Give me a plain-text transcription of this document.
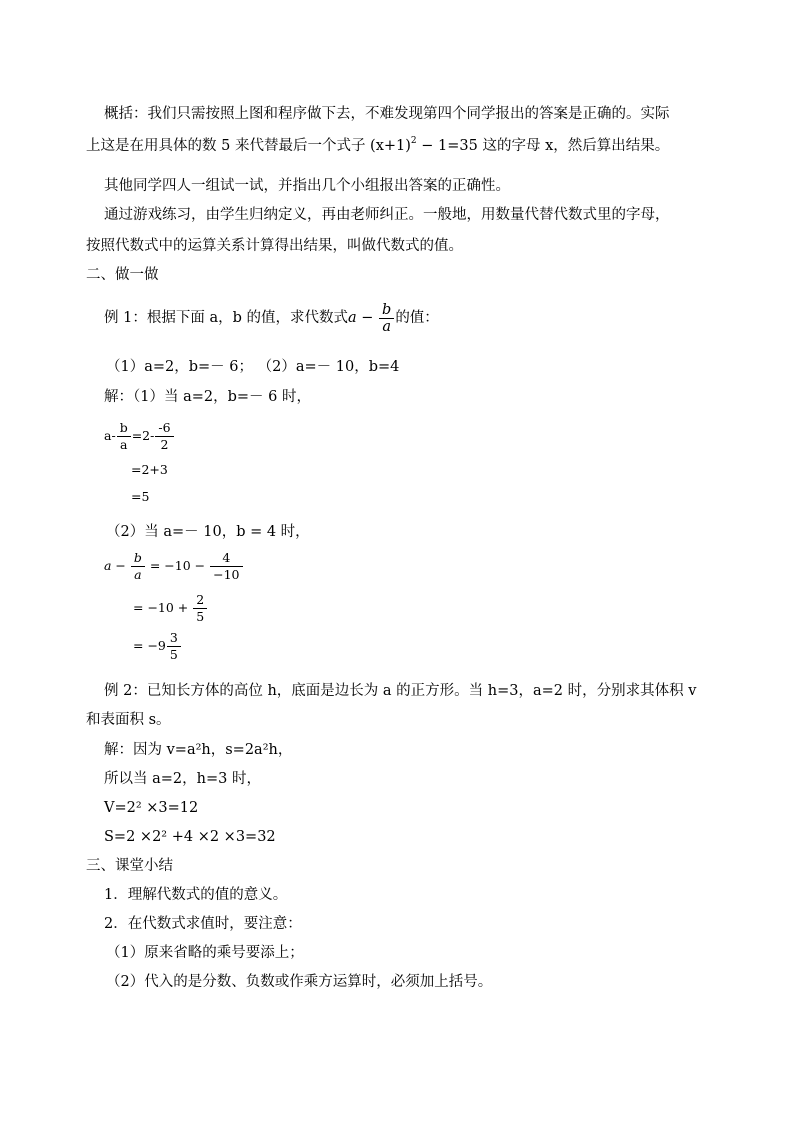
概括：我们只需按照上图和程序做下去，不难发现第四个同学报出的答案是正确的。实际
上这是在用具体的数 5 来代替最后一个式子 $(x+1)^2 - 1=35$ 这的字母 x，然后算出结果。
其他同学四人一组试一试，并指出几个小组报出答案的正确性。
通过游戏练习，由学生归纳定义，再由老师纠正。一般地，用数量代替代数式里的字母，
按照代数式中的运算关系计算得出结果，叫做代数式的值。
二、做一做
例 1：根据下面 a，b 的值，求代数式$a - \frac{b}{a}$ 的值：
（1）a=2，b=－ 6； （2）a=－ 10，b=4
解：（1）当 a=2，b=－ 6 时，
$a- \frac{b}{a} =2- \frac{-6}{2}$
=2+3
=5
（2）当 a=－ 10，b = 4 时，
$a - \frac{b}{a} = -10 - \frac{4}{-10}$
= $-10 + \frac{2}{5}$
= $-9 \frac{3}{5}$
例 2：已知长方体的高位 h，底面是边长为 a 的正方形。当 h=3，a=2 时，分别求其体积 v
和表面积 s。
解：因为 v=a²h，s=2a²h，
所以当 a=2，h=3 时，
V=2² ×3=12
S=2 ×2² +4 ×2 ×3=32
三、课堂小结
1．理解代数式的值的意义。
2．在代数式求值时，要注意：
（1）原来省略的乘号要添上；
（2）代入的是分数、负数或作乘方运算时，必须加上括号。
